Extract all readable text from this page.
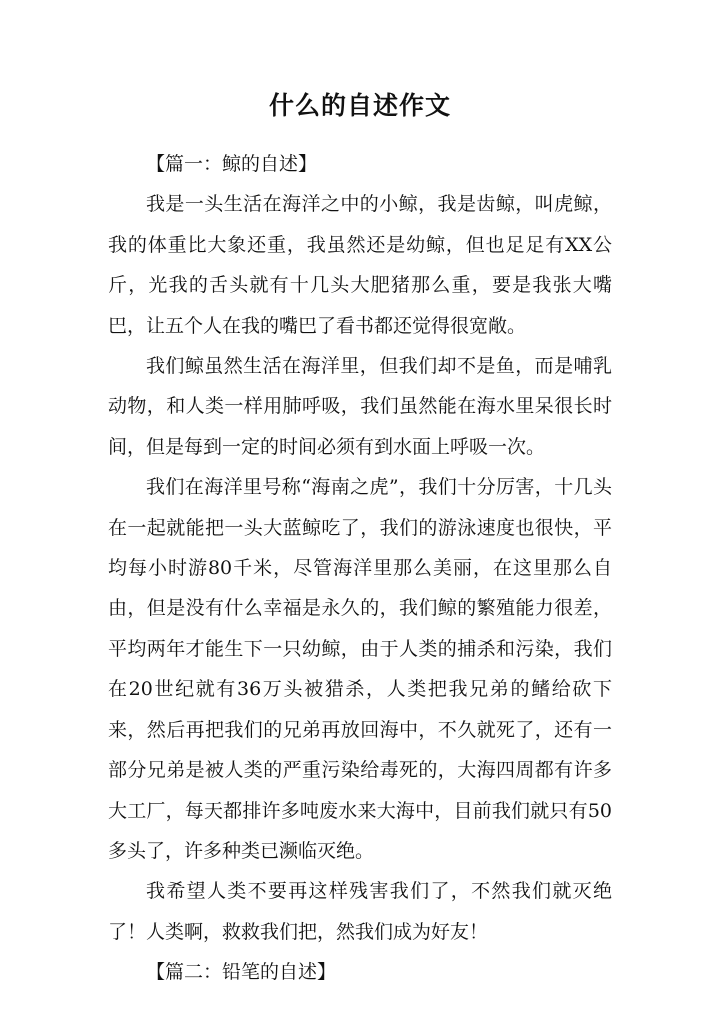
什么的自述作文

【篇一：鲸的自述】

我是一头生活在海洋之中的小鲸，我是齿鲸，叫虎鲸，我的体重比大象还重，我虽然还是幼鲸，但也足足有XX公斤，光我的舌头就有十几头大肥猪那么重，要是我张大嘴巴，让五个人在我的嘴巴了看书都还觉得很宽敞。

我们鲸虽然生活在海洋里，但我们却不是鱼，而是哺乳动物，和人类一样用肺呼吸，我们虽然能在海水里呆很长时间，但是每到一定的时间必须有到水面上呼吸一次。

我们在海洋里号称“海南之虎”，我们十分厉害，十几头在一起就能把一头大蓝鲸吃了，我们的游泳速度也很快，平均每小时游80千米，尽管海洋里那么美丽，在这里那么自由，但是没有什么幸福是永久的，我们鲸的繁殖能力很差，平均两年才能生下一只幼鲸，由于人类的捕杀和污染，我们在20世纪就有36万头被猎杀，人类把我兄弟的鳍给砍下来，然后再把我们的兄弟再放回海中，不久就死了，还有一部分兄弟是被人类的严重污染给毒死的，大海四周都有许多大工厂，每天都排许多吨废水来大海中，目前我们就只有50多头了，许多种类已濒临灭绝。

我希望人类不要再这样残害我们了，不然我们就灭绝了！人类啊，救救我们把，然我们成为好友！

【篇二：铅笔的自述】
